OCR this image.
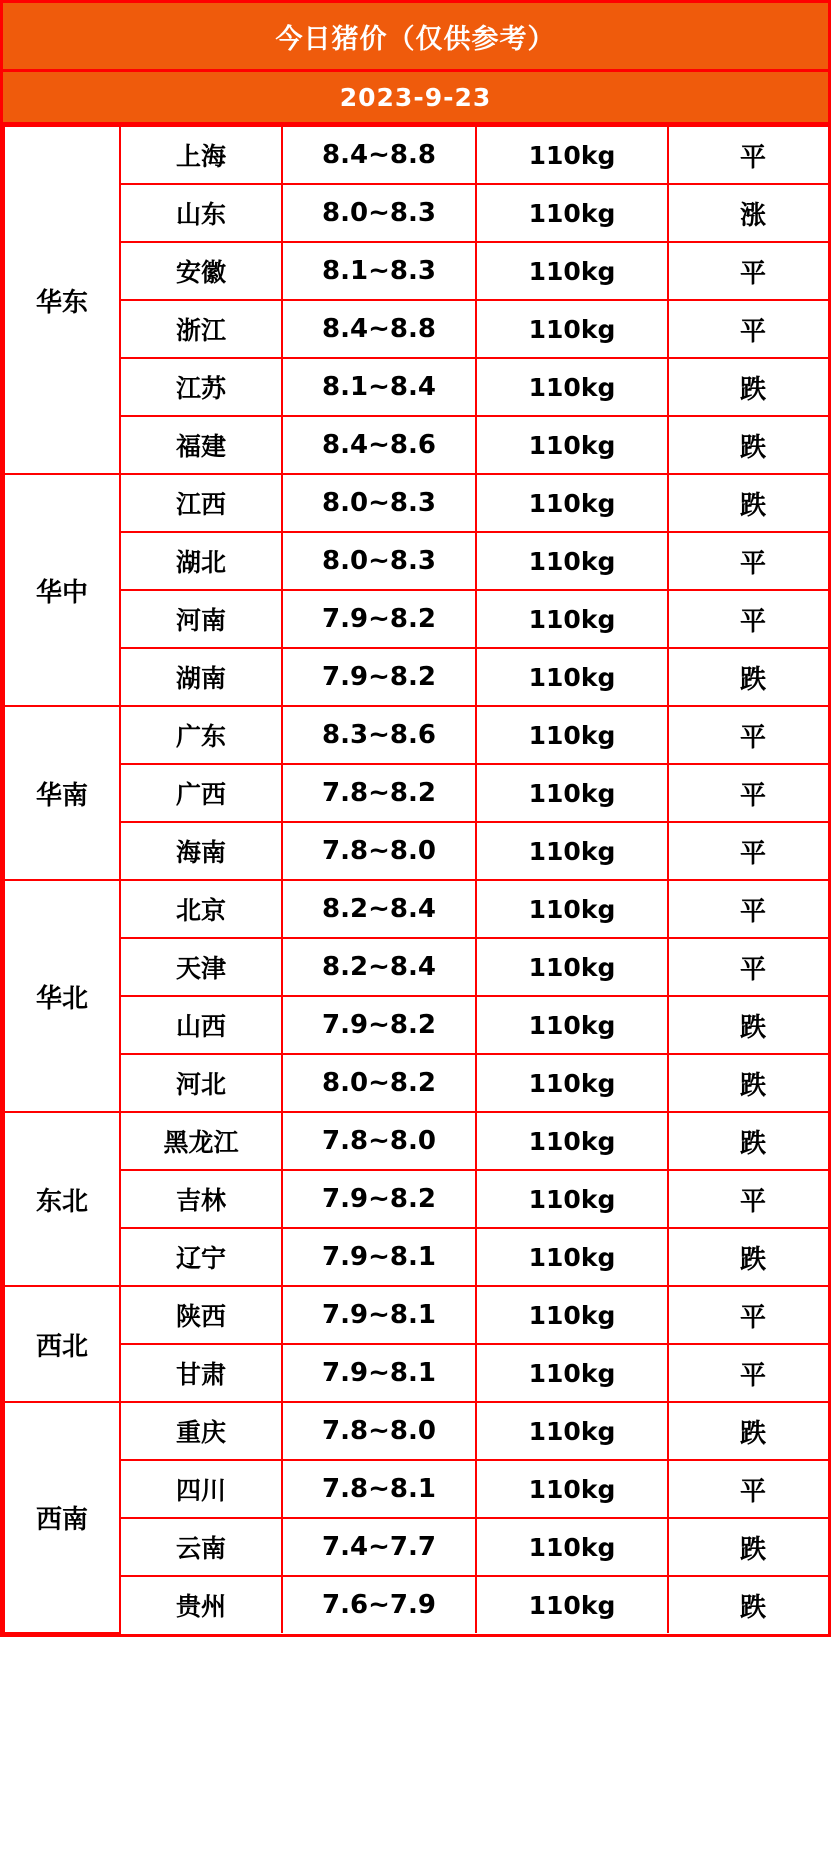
今日猪价（仅供参考）
2023-9-23
华东	上海	8.4~8.8	110kg	平
	山东	8.0~8.3	110kg	涨
	安徽	8.1~8.3	110kg	平
	浙江	8.4~8.8	110kg	平
	江苏	8.1~8.4	110kg	跌
	福建	8.4~8.6	110kg	跌
华中	江西	8.0~8.3	110kg	跌
	湖北	8.0~8.3	110kg	平
	河南	7.9~8.2	110kg	平
	湖南	7.9~8.2	110kg	跌
华南	广东	8.3~8.6	110kg	平
	广西	7.8~8.2	110kg	平
	海南	7.8~8.0	110kg	平
华北	北京	8.2~8.4	110kg	平
	天津	8.2~8.4	110kg	平
	山西	7.9~8.2	110kg	跌
	河北	8.0~8.2	110kg	跌
东北	黑龙江	7.8~8.0	110kg	跌
	吉林	7.9~8.2	110kg	平
	辽宁	7.9~8.1	110kg	跌
西北	陕西	7.9~8.1	110kg	平
	甘肃	7.9~8.1	110kg	平
西南	重庆	7.8~8.0	110kg	跌
	四川	7.8~8.1	110kg	平
	云南	7.4~7.7	110kg	跌
	贵州	7.6~7.9	110kg	跌
